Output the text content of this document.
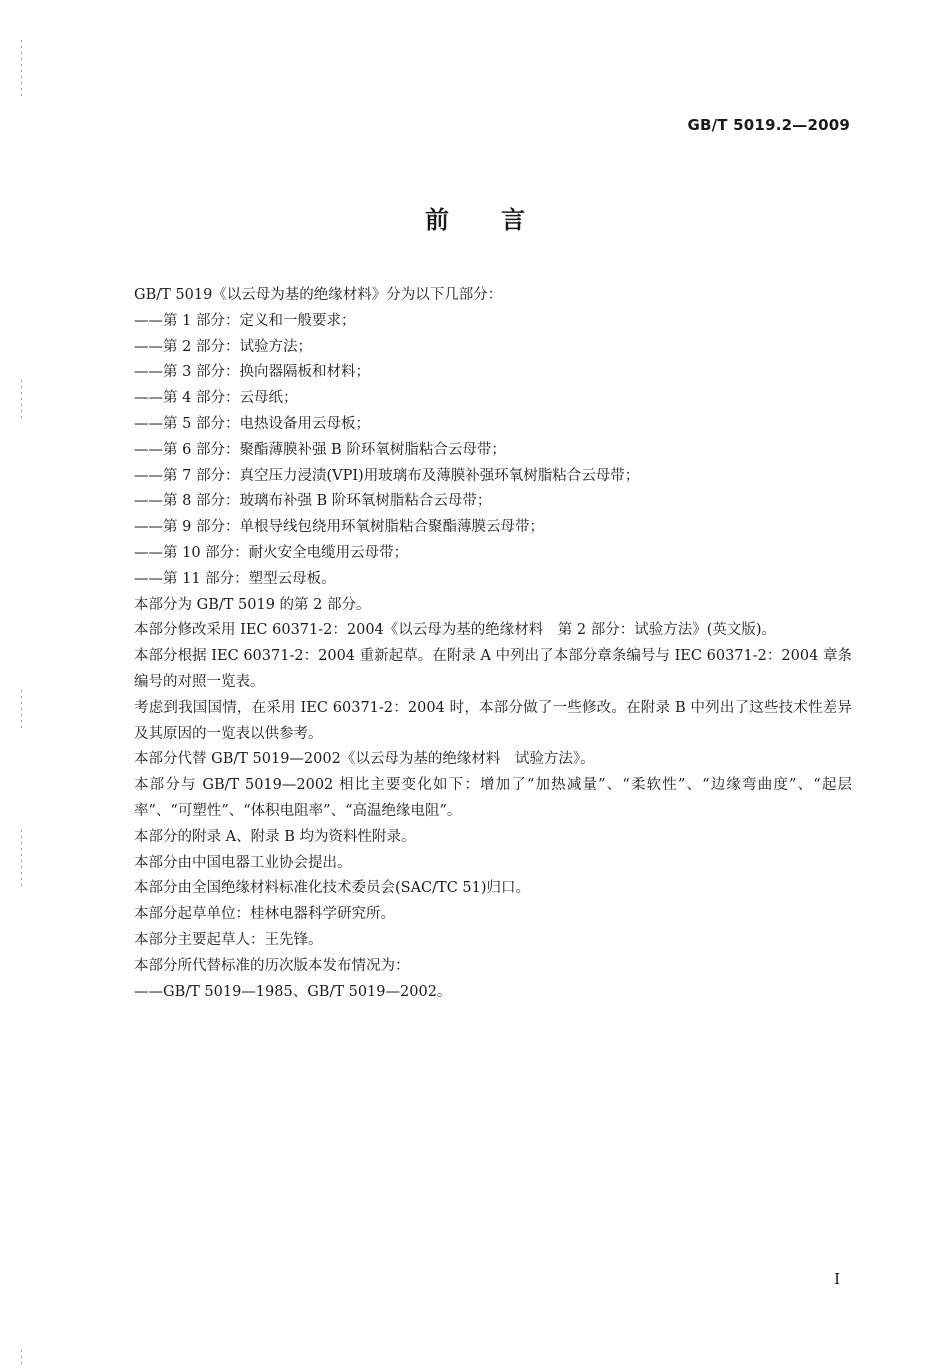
GB/T 5019.2—2009
前言

GB/T 5019《以云母为基的绝缘材料》分为以下几部分：

——第 1 部分：定义和一般要求；

——第 2 部分：试验方法；

——第 3 部分：换向器隔板和材料；

——第 4 部分：云母纸；

——第 5 部分：电热设备用云母板；

——第 6 部分：聚酯薄膜补强 B 阶环氧树脂粘合云母带；

——第 7 部分：真空压力浸渍(VPI)用玻璃布及薄膜补强环氧树脂粘合云母带；

——第 8 部分：玻璃布补强 B 阶环氧树脂粘合云母带；

——第 9 部分：单根导线包绕用环氧树脂粘合聚酯薄膜云母带；

——第 10 部分：耐火安全电缆用云母带；

——第 11 部分：塑型云母板。

本部分为 GB/T 5019 的第 2 部分。

本部分修改采用 IEC 60371-2：2004《以云母为基的绝缘材料　第 2 部分：试验方法》(英文版)。

本部分根据 IEC 60371-2：2004 重新起草。在附录 A 中列出了本部分章条编号与 IEC 60371-2：2004 章条编号的对照一览表。

考虑到我国国情，在采用 IEC 60371-2：2004 时，本部分做了一些修改。在附录 B 中列出了这些技术性差异及其原因的一览表以供参考。

本部分代替 GB/T 5019—2002《以云母为基的绝缘材料　试验方法》。

本部分与 GB/T 5019—2002 相比主要变化如下：增加了“加热减量”、“柔软性”、“边缘弯曲度”、“起层率”、“可塑性”、“体积电阻率”、“高温绝缘电阻”。

本部分的附录 A、附录 B 均为资料性附录。

本部分由中国电器工业协会提出。

本部分由全国绝缘材料标准化技术委员会(SAC/TC 51)归口。

本部分起草单位：桂林电器科学研究所。

本部分主要起草人：王先锋。

本部分所代替标准的历次版本发布情况为：

——GB/T 5019—1985、GB/T 5019—2002。

I
